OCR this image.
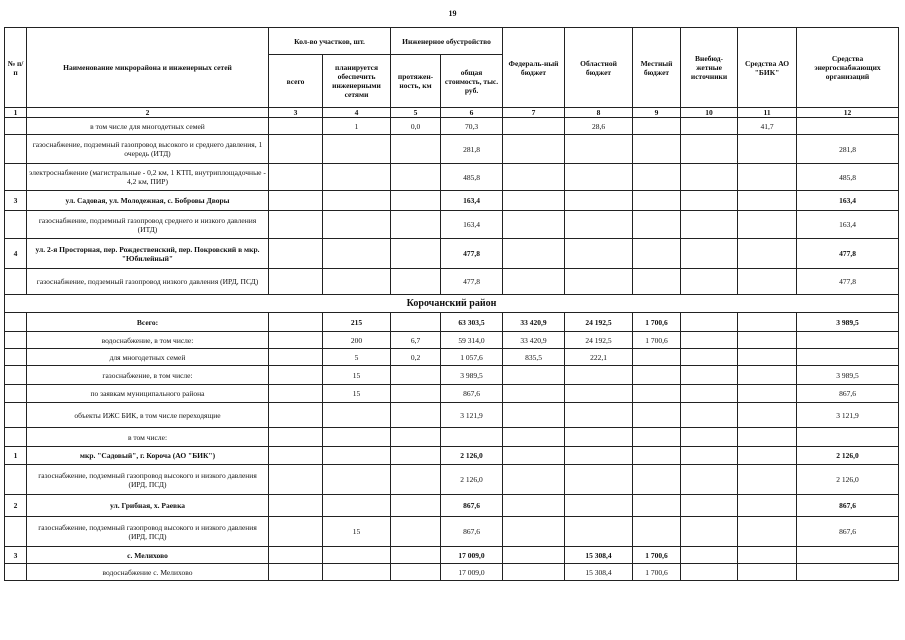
19
№ п/п	Наименование микрорайона и инженерных сетей	Кол-во участков, шт.		Инженерное обустройство		Федераль-ный бюджет	Областной бюджет	Местный бюджет	Внебюд-жетные источники	Средства АО "БИК"	Средства энергоснабжающих организаций
		всего	планируется обеспечить инженерными сетями	протяжен-ность, км	общая стоимость, тыс. руб.						
1	2	3	4	5	6	7	8	9	10	11	12
	в том числе для многодетных семей		1	0,0	70,3		28,6			41,7	
	газоснабжение, подземный газопровод высокого и среднего давления, 1 очередь (ИТД)				281,8						281,8
	электроснабжение (магистральные - 0,2 км, 1 КТП, внутриплощадочные - 4,2 км, ПИР)				485,8						485,8
3	ул. Садовая, ул. Молодежная, с. Бобровы Дворы				163,4						163,4
	газоснабжение, подземный газопровод среднего и низкого давления (ИТД)				163,4						163,4
4	ул. 2-я Просторная, пер. Рождественский, пер. Покровский в мкр. "Юбилейный"				477,8						477,8
	газоснабжение, подземный газопровод низкого давления (ИРД, ПСД)				477,8						477,8
Корочанский район											
	Всего:		215		63 303,5	33 420,9	24 192,5	1 700,6			3 989,5
	водоснабжение, в том числе:		200	6,7	59 314,0	33 420,9	24 192,5	1 700,6			
	для многодетных семей		5	0,2	1 057,6	835,5	222,1				
	газоснабжение, в том числе:		15		3 989,5						3 989,5
	по заявкам муниципального района		15		867,6						867,6
	объекты ИЖС БИК, в том числе переходящие				3 121,9						3 121,9
	в том числе:										
1	мкр. "Садовый", г. Короча (АО "БИК")				2 126,0						2 126,0
	газоснабжение, подземный газопровод высокого и низкого давления (ИРД, ПСД)				2 126,0						2 126,0
2	ул. Грибная, х. Раевка				867,6						867,6
	газоснабжение, подземный газопровод высокого и низкого давления (ИРД, ПСД)		15		867,6						867,6
3	с. Мелихово				17 009,0		15 308,4	1 700,6			
	водоснабжение с. Мелихово				17 009,0		15 308,4	1 700,6			
